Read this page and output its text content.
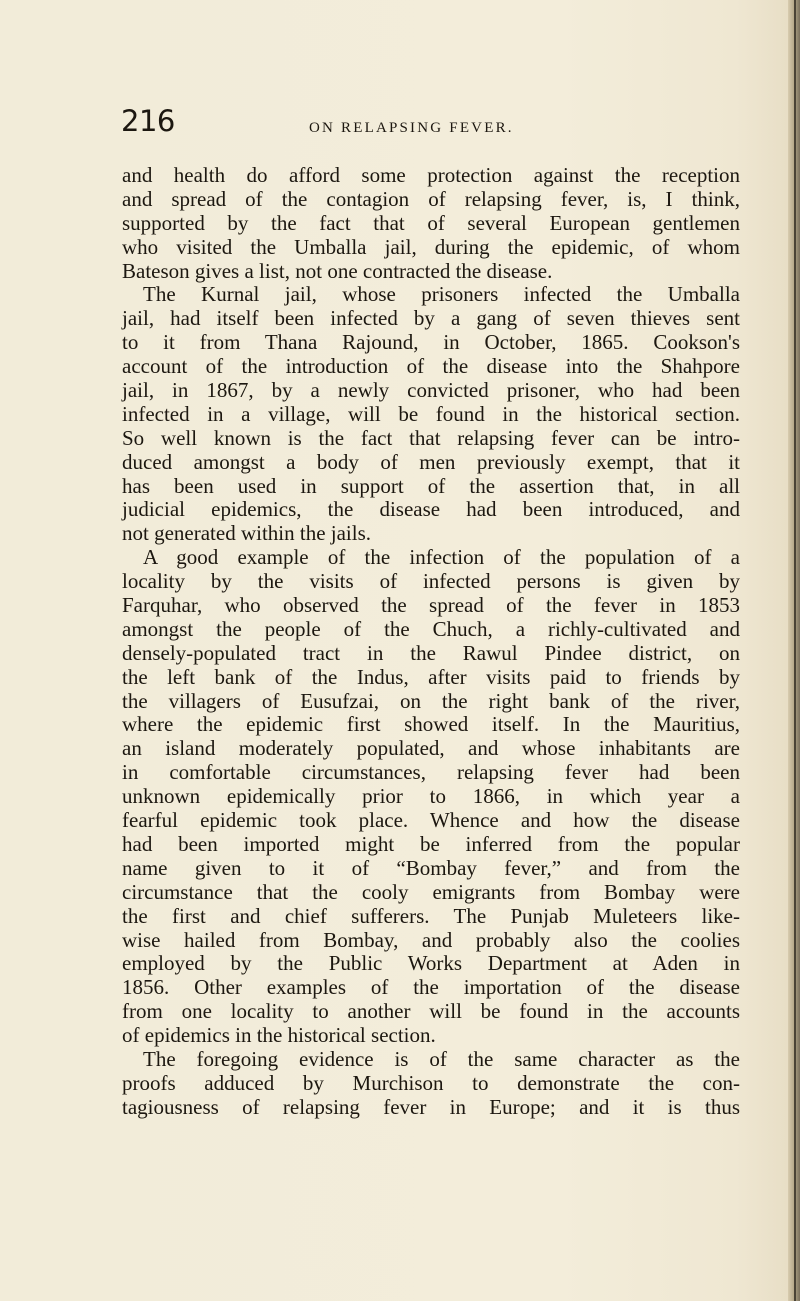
216	ON RELAPSING FEVER.
and health do afford some protection against the reception
and spread of the contagion of relapsing fever, is, I think,
supported by the fact that of several European gentlemen
who visited the Umballa jail, during the epidemic, of whom
Bateson gives a list, not one contracted the disease.
The Kurnal jail, whose prisoners infected the Umballa
jail, had itself been infected by a gang of seven thieves sent
to it from Thana Rajound, in October, 1865. Cookson's
account of the introduction of the disease into the Shahpore
jail, in 1867, by a newly convicted prisoner, who had been
infected in a village, will be found in the historical section.
So well known is the fact that relapsing fever can be intro-
duced amongst a body of men previously exempt, that it
has been used in support of the assertion that, in all
judicial epidemics, the disease had been introduced, and
not generated within the jails.
A good example of the infection of the population of a
locality by the visits of infected persons is given by
Farquhar, who observed the spread of the fever in 1853
amongst the people of the Chuch, a richly-cultivated and
densely-populated tract in the Rawul Pindee district, on
the left bank of the Indus, after visits paid to friends by
the villagers of Eusufzai, on the right bank of the river,
where the epidemic first showed itself. In the Mauritius,
an island moderately populated, and whose inhabitants are
in comfortable circumstances, relapsing fever had been
unknown epidemically prior to 1866, in which year a
fearful epidemic took place. Whence and how the disease
had been imported might be inferred from the popular
name given to it of “Bombay fever,” and from the
circumstance that the cooly emigrants from Bombay were
the first and chief sufferers. The Punjab Muleteers like-
wise hailed from Bombay, and probably also the coolies
employed by the Public Works Department at Aden in
1856. Other examples of the importation of the disease
from one locality to another will be found in the accounts
of epidemics in the historical section.
The foregoing evidence is of the same character as the
proofs adduced by Murchison to demonstrate the con-
tagiousness of relapsing fever in Europe; and it is thus
